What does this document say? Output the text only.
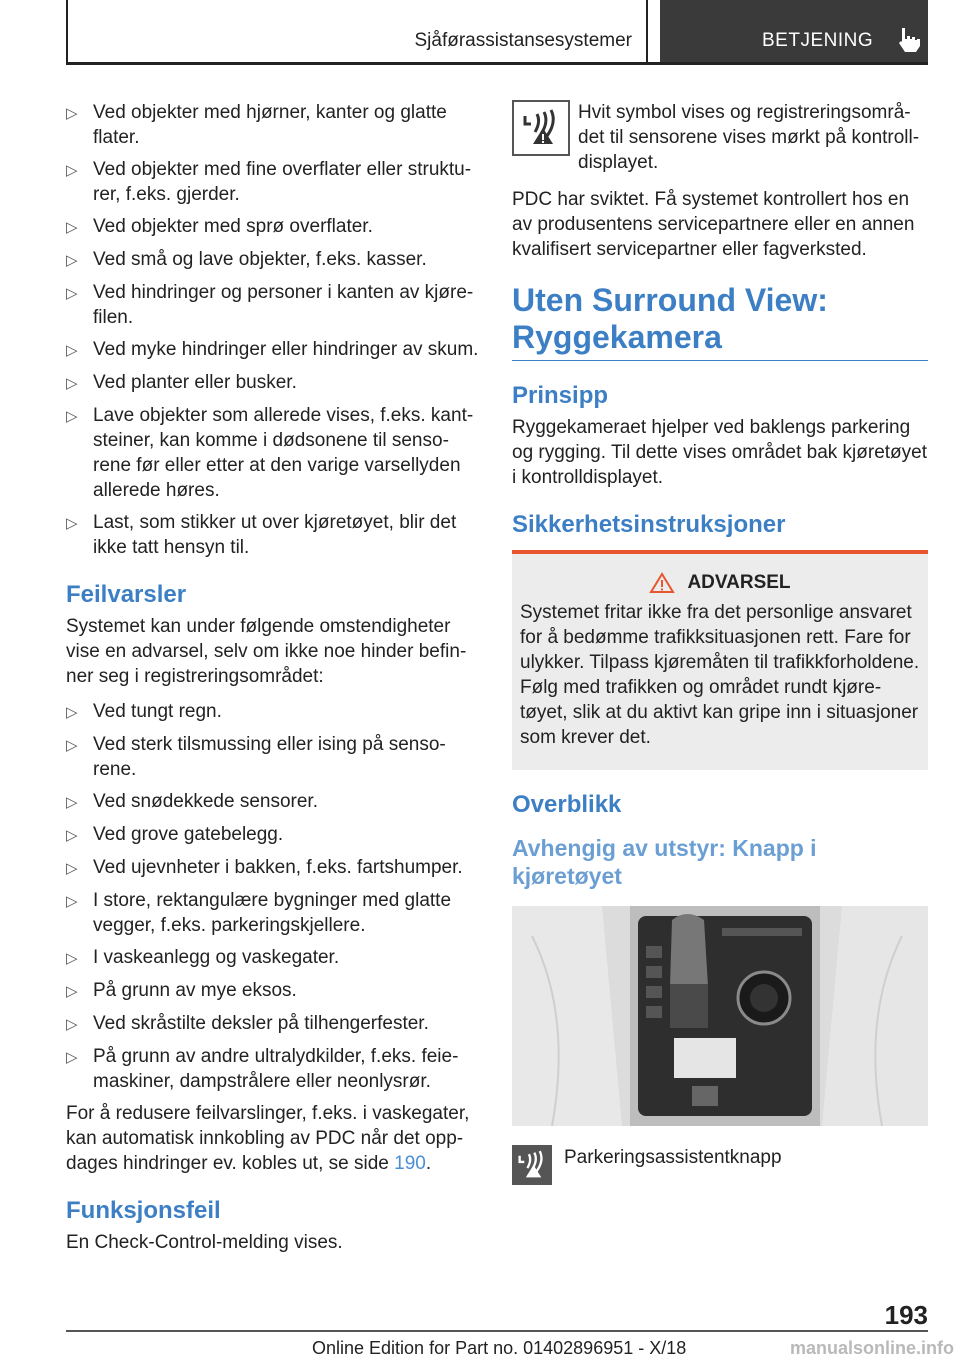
Sjåførassistansesystemer	BETJENING
▷ Ved objekter med hjørner, kanter og glatte flater.
▷ Ved objekter med fine overflater eller strukturer, f.eks. gjerder.
▷ Ved objekter med sprø overflater.
▷ Ved små og lave objekter, f.eks. kasser.
▷ Ved hindringer og personer i kanten av kjørefilen.
▷ Ved myke hindringer eller hindringer av skum.
▷ Ved planter eller busker.
▷ Lave objekter som allerede vises, f.eks. kantsteiner, kan komme i dødsonene til sensorene før eller etter at den varige varsellyden allerede høres.
▷ Last, som stikker ut over kjøretøyet, blir det ikke tatt hensyn til.
Feilvarsler
Systemet kan under følgende omstendigheter vise en advarsel, selv om ikke noe hinder befinner seg i registreringsområdet:
▷ Ved tungt regn.
▷ Ved sterk tilsmussing eller ising på sensorene.
▷ Ved snødekkede sensorer.
▷ Ved grove gatebelegg.
▷ Ved ujevnheter i bakken, f.eks. fartshumper.
▷ I store, rektangulære bygninger med glatte vegger, f.eks. parkeringskjellere.
▷ I vaskeanlegg og vaskegater.
▷ På grunn av mye eksos.
▷ Ved skråstilte deksler på tilhengerfester.
▷ På grunn av andre ultralydkilder, f.eks. feiemaskiner, dampstrålere eller neonlysrør.
For å redusere feilvarslinger, f.eks. i vaskegater, kan automatisk innkobling av PDC når det oppdages hindringer ev. kobles ut, se side 190.
Funksjonsfeil
En Check-Control-melding vises.
Hvit symbol vises og registreringsområdet til sensorene vises mørkt på kontrolldisplayet.
PDC har sviktet. Få systemet kontrollert hos en av produsentens servicepartnere eller en annen kvalifisert servicepartner eller fagverksted.
Uten Surround View: Ryggekamera
Prinsipp
Ryggekameraet hjelper ved baklengs parkering og rygging. Til dette vises området bak kjøretøyet i kontrolldisplayet.
Sikkerhetsinstruksjoner
ADVARSEL
Systemet fritar ikke fra det personlige ansvaret for å bedømme trafikksituasjonen rett. Fare for ulykker. Tilpass kjøremåten til trafikkforholdene. Følg med trafikken og området rundt kjøretøyet, slik at du aktivt kan gripe inn i situasjoner som krever det.
Overblikk
Avhengig av utstyr: Knapp i kjøretøyet
Parkeringsassistentknapp
193
Online Edition for Part no. 01402896951 - X/18	manualsonline.info
